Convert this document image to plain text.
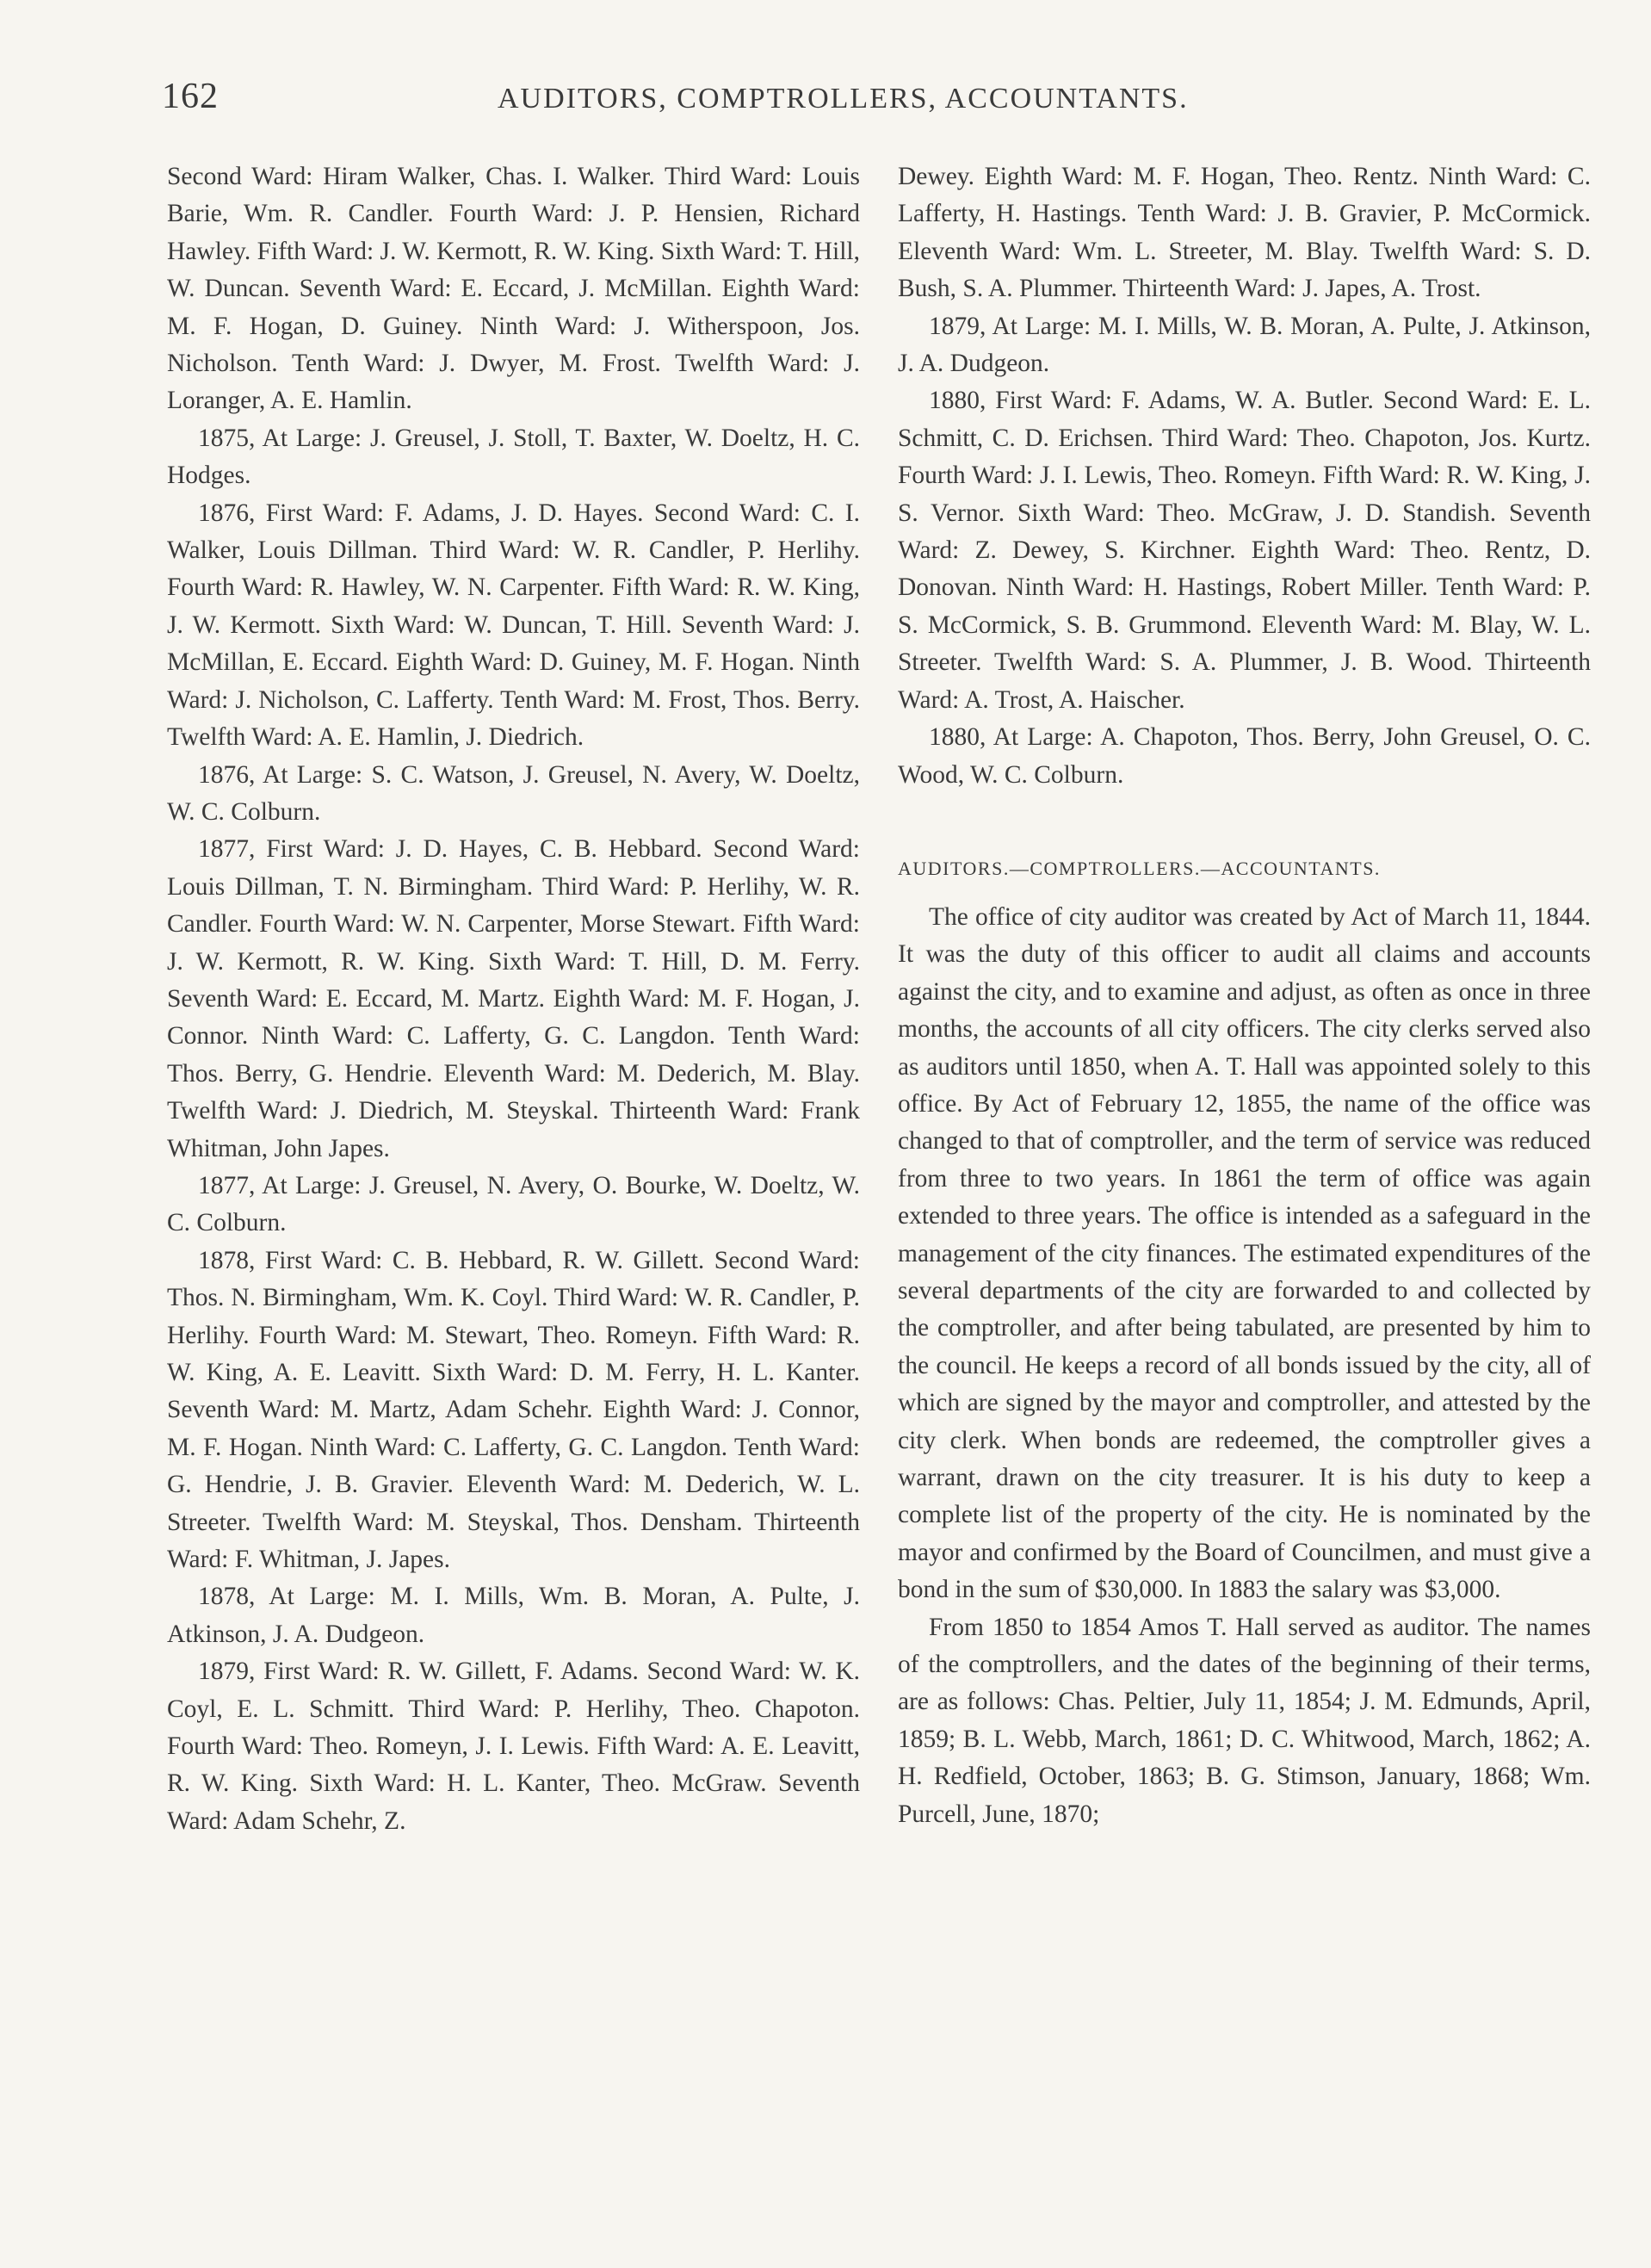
162	AUDITORS, COMPTROLLERS, ACCOUNTANTS.

Second Ward: Hiram Walker, Chas. I. Walker. Third Ward: Louis Barie, Wm. R. Candler. Fourth Ward: J. P. Hensien, Richard Hawley. Fifth Ward: J. W. Kermott, R. W. King. Sixth Ward: T. Hill, W. Duncan. Seventh Ward: E. Eccard, J. McMillan. Eighth Ward: M. F. Hogan, D. Guiney. Ninth Ward: J. Witherspoon, Jos. Nicholson. Tenth Ward: J. Dwyer, M. Frost. Twelfth Ward: J. Loranger, A. E. Hamlin.

1875, At Large: J. Greusel, J. Stoll, T. Baxter, W. Doeltz, H. C. Hodges.

1876, First Ward: F. Adams, J. D. Hayes. Second Ward: C. I. Walker, Louis Dillman. Third Ward: W. R. Candler, P. Herlihy. Fourth Ward: R. Hawley, W. N. Carpenter. Fifth Ward: R. W. King, J. W. Kermott. Sixth Ward: W. Duncan, T. Hill. Seventh Ward: J. McMillan, E. Eccard. Eighth Ward: D. Guiney, M. F. Hogan. Ninth Ward: J. Nicholson, C. Lafferty. Tenth Ward: M. Frost, Thos. Berry. Twelfth Ward: A. E. Hamlin, J. Diedrich.

1876, At Large: S. C. Watson, J. Greusel, N. Avery, W. Doeltz, W. C. Colburn.

1877, First Ward: J. D. Hayes, C. B. Hebbard. Second Ward: Louis Dillman, T. N. Birmingham. Third Ward: P. Herlihy, W. R. Candler. Fourth Ward: W. N. Carpenter, Morse Stewart. Fifth Ward: J. W. Kermott, R. W. King. Sixth Ward: T. Hill, D. M. Ferry. Seventh Ward: E. Eccard, M. Martz. Eighth Ward: M. F. Hogan, J. Connor. Ninth Ward: C. Lafferty, G. C. Langdon. Tenth Ward: Thos. Berry, G. Hendrie. Eleventh Ward: M. Dederich, M. Blay. Twelfth Ward: J. Diedrich, M. Steyskal. Thirteenth Ward: Frank Whitman, John Japes.

1877, At Large: J. Greusel, N. Avery, O. Bourke, W. Doeltz, W. C. Colburn.

1878, First Ward: C. B. Hebbard, R. W. Gillett. Second Ward: Thos. N. Birmingham, Wm. K. Coyl. Third Ward: W. R. Candler, P. Herlihy. Fourth Ward: M. Stewart, Theo. Romeyn. Fifth Ward: R. W. King, A. E. Leavitt. Sixth Ward: D. M. Ferry, H. L. Kanter. Seventh Ward: M. Martz, Adam Schehr. Eighth Ward: J. Connor, M. F. Hogan. Ninth Ward: C. Lafferty, G. C. Langdon. Tenth Ward: G. Hendrie, J. B. Gravier. Eleventh Ward: M. Dederich, W. L. Streeter. Twelfth Ward: M. Steyskal, Thos. Densham. Thirteenth Ward: F. Whitman, J. Japes.

1878, At Large: M. I. Mills, Wm. B. Moran, A. Pulte, J. Atkinson, J. A. Dudgeon.

1879, First Ward: R. W. Gillett, F. Adams. Second Ward: W. K. Coyl, E. L. Schmitt. Third Ward: P. Herlihy, Theo. Chapoton. Fourth Ward: Theo. Romeyn, J. I. Lewis. Fifth Ward: A. E. Leavitt, R. W. King. Sixth Ward: H. L. Kanter, Theo. McGraw. Seventh Ward: Adam Schehr, Z.

Dewey. Eighth Ward: M. F. Hogan, Theo. Rentz. Ninth Ward: C. Lafferty, H. Hastings. Tenth Ward: J. B. Gravier, P. McCormick. Eleventh Ward: Wm. L. Streeter, M. Blay. Twelfth Ward: S. D. Bush, S. A. Plummer. Thirteenth Ward: J. Japes, A. Trost.

1879, At Large: M. I. Mills, W. B. Moran, A. Pulte, J. Atkinson, J. A. Dudgeon.

1880, First Ward: F. Adams, W. A. Butler. Second Ward: E. L. Schmitt, C. D. Erichsen. Third Ward: Theo. Chapoton, Jos. Kurtz. Fourth Ward: J. I. Lewis, Theo. Romeyn. Fifth Ward: R. W. King, J. S. Vernor. Sixth Ward: Theo. McGraw, J. D. Standish. Seventh Ward: Z. Dewey, S. Kirchner. Eighth Ward: Theo. Rentz, D. Donovan. Ninth Ward: H. Hastings, Robert Miller. Tenth Ward: P. S. McCormick, S. B. Grummond. Eleventh Ward: M. Blay, W. L. Streeter. Twelfth Ward: S. A. Plummer, J. B. Wood. Thirteenth Ward: A. Trost, A. Haischer.

1880, At Large: A. Chapoton, Thos. Berry, John Greusel, O. C. Wood, W. C. Colburn.

AUDITORS.—COMPTROLLERS.—ACCOUNTANTS.

The office of city auditor was created by Act of March 11, 1844. It was the duty of this officer to audit all claims and accounts against the city, and to examine and adjust, as often as once in three months, the accounts of all city officers. The city clerks served also as auditors until 1850, when A. T. Hall was appointed solely to this office. By Act of February 12, 1855, the name of the office was changed to that of comptroller, and the term of service was reduced from three to two years. In 1861 the term of office was again extended to three years. The office is intended as a safeguard in the management of the city finances. The estimated expenditures of the several departments of the city are forwarded to and collected by the comptroller, and after being tabulated, are presented by him to the council. He keeps a record of all bonds issued by the city, all of which are signed by the mayor and comptroller, and attested by the city clerk. When bonds are redeemed, the comptroller gives a warrant, drawn on the city treasurer. It is his duty to keep a complete list of the property of the city. He is nominated by the mayor and confirmed by the Board of Councilmen, and must give a bond in the sum of $30,000. In 1883 the salary was $3,000.

From 1850 to 1854 Amos T. Hall served as auditor. The names of the comptrollers, and the dates of the beginning of their terms, are as follows: Chas. Peltier, July 11, 1854; J. M. Edmunds, April, 1859; B. L. Webb, March, 1861; D. C. Whitwood, March, 1862; A. H. Redfield, October, 1863; B. G. Stimson, January, 1868; Wm. Purcell, June, 1870;
